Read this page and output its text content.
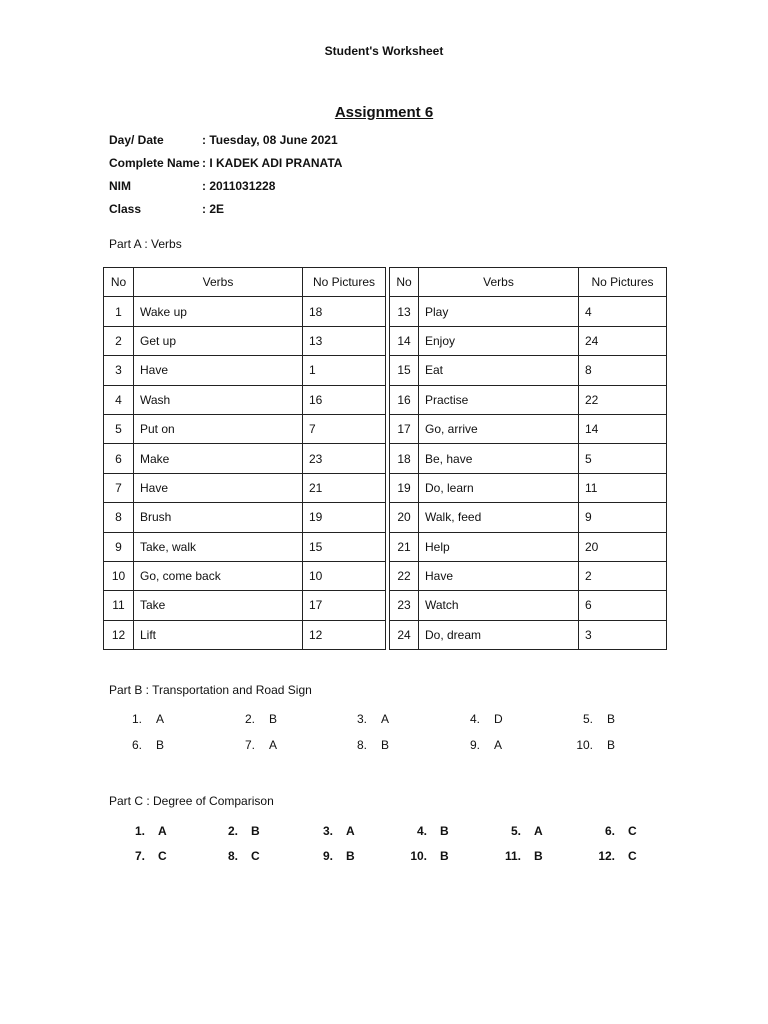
Student's Worksheet
Assignment 6
Day/ Date	: Tuesday, 08 June 2021
Complete Name : I KADEK ADI PRANATA
NIM	: 2011031228
Class	: 2E
Part A : Verbs
No	Verbs	No Pictures
1	Wake up	18
2	Get up	13
3	Have	1
4	Wash	16
5	Put on	7
6	Make	23
7	Have	21
8	Brush	19
9	Take, walk	15
10	Go, come back	10
11	Take	17
12	Lift	12
No	Verbs	No Pictures
13	Play	4
14	Enjoy	24
15	Eat	8
16	Practise	22
17	Go, arrive	14
18	Be, have	5
19	Do, learn	11
20	Walk, feed	9
21	Help	20
22	Have	2
23	Watch	6
24	Do, dream	3
Part B : Transportation and Road Sign
1. A	2. B	3. A	4. D	5. B
6. B	7. A	8. B	9. A	10. B
Part C : Degree of Comparison
1. A	2. B	3. A	4. B	5. A	6. C
7. C	8. C	9. B	10. B	11. B	12. C
